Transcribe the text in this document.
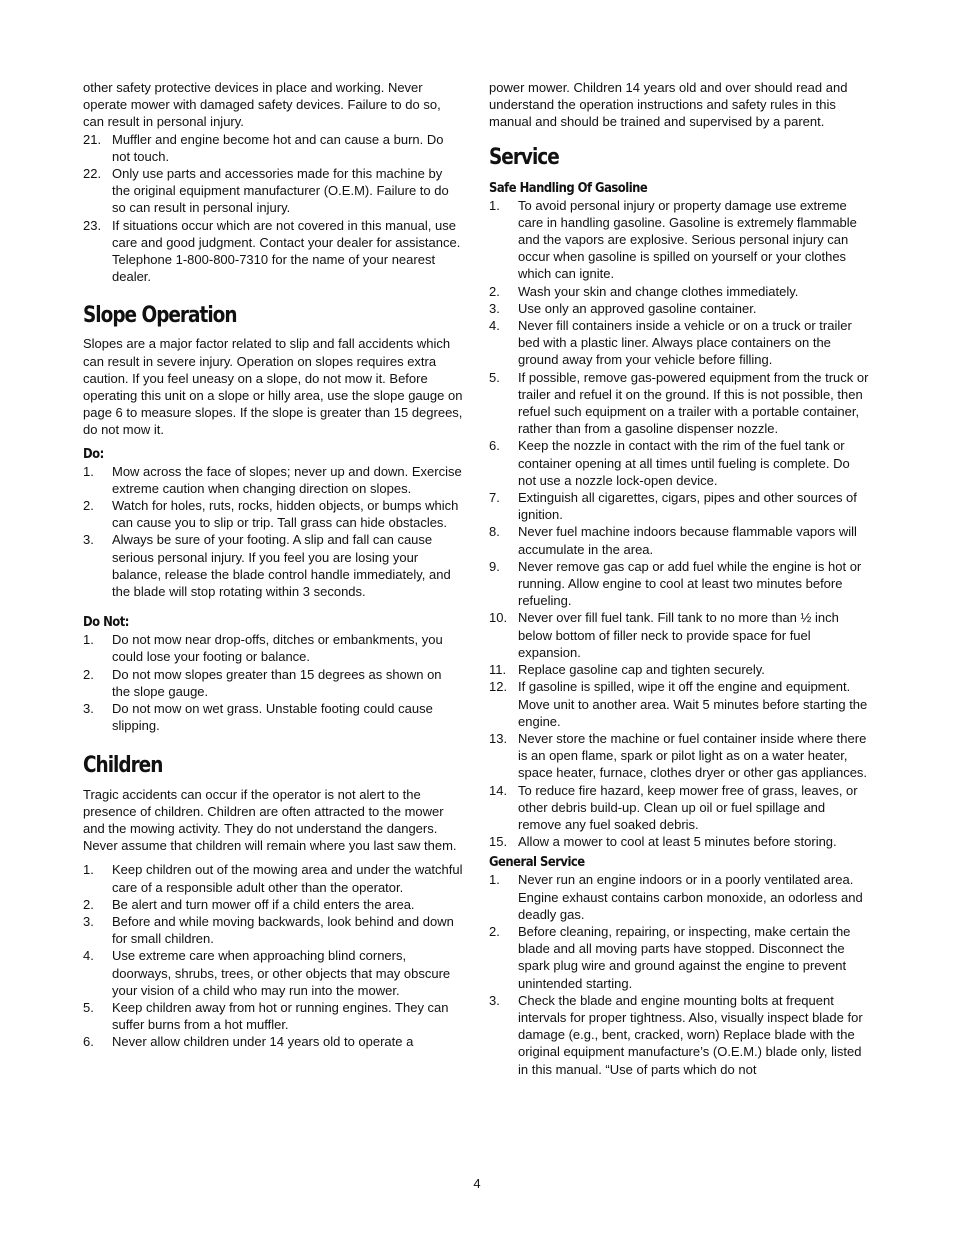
other safety protective devices in place and working. Never operate mower with damaged safety devices. Failure to do so, can result in personal injury.

21. Muffler and engine become hot and can cause a burn. Do not touch.
22. Only use parts and accessories made for this machine by the original equipment manufacturer (O.E.M). Failure to do so can result in personal injury.
23. If situations occur which are not covered in this manual, use care and good judgment. Contact your dealer for assistance. Telephone 1-800-800-7310 for the name of your nearest dealer.
Slope Operation

Slopes are a major factor related to slip and fall accidents which can result in severe injury. Operation on slopes requires extra caution. If you feel uneasy on a slope, do not mow it. Before operating this unit on a slope or hilly area, use the slope gauge on page 6 to measure slopes. If the slope is greater than 15 degrees, do not mow it.

Do:
1.	Mow across the face of slopes; never up and down. Exercise extreme caution when changing direction on slopes.
2.	Watch for holes, ruts, rocks, hidden objects, or bumps which can cause you to slip or trip. Tall grass can hide obstacles.
3.	Always be sure of your footing. A slip and fall can cause serious personal injury. If you feel you are losing your balance, release the blade control handle immediately, and the blade will stop rotating within 3 seconds.
Do Not:
1.	Do not mow near drop-offs, ditches or embankments, you could lose your footing or balance.
2.	Do not mow slopes greater than 15 degrees as shown on the slope gauge.
3.	Do not mow on wet grass. Unstable footing could cause slipping.
Children

Tragic accidents can occur if the operator is not alert to the presence of children. Children are often attracted to the mower and the mowing activity. They do not understand the dangers. Never assume that children will remain where you last saw them.

1.	Keep children out of the mowing area and under the watchful care of a responsible adult other than the operator.
2.	Be alert and turn mower off if a child enters the area.
3.	Before and while moving backwards, look behind and down for small children.
4.	Use extreme care when approaching blind corners, doorways, shrubs, trees, or other objects that may obscure your vision of a child who may run into the mower.
5.	Keep children away from hot or running engines. They can suffer burns from a hot muffler.
6.	Never allow children under 14 years old to operate a

power mower. Children 14 years old and over should read and understand the operation instructions and safety rules in this manual and should be trained and supervised by a parent.

Service
Safe Handling Of Gasoline
1.	To avoid personal injury or property damage use extreme care in handling gasoline. Gasoline is extremely flammable and the vapors are explosive. Serious personal injury can occur when gasoline is spilled on yourself or your clothes which can ignite.
2.	Wash your skin and change clothes immediately.
3.	Use only an approved gasoline container.
4.	Never fill containers inside a vehicle or on a truck or trailer bed with a plastic liner. Always place containers on the ground away from your vehicle before filling.
5.	If possible, remove gas-powered equipment from the truck or trailer and refuel it on the ground. If this is not possible, then refuel such equipment on a trailer with a portable container, rather than from a gasoline dispenser nozzle.
6.	Keep the nozzle in contact with the rim of the fuel tank or container opening at all times until fueling is complete. Do not use a nozzle lock-open device.
7.	Extinguish all cigarettes, cigars, pipes and other sources of ignition.
8.	Never fuel machine indoors because flammable vapors will accumulate in the area.
9.	Never remove gas cap or add fuel while the engine is hot or running. Allow engine to cool at least two minutes before refueling.
10. Never over fill fuel tank. Fill tank to no more than ½ inch below bottom of filler neck to provide space for fuel expansion.
11. Replace gasoline cap and tighten securely.
12. If gasoline is spilled, wipe it off the engine and equipment. Move unit to another area. Wait 5 minutes before starting the engine.
13. Never store the machine or fuel container inside where there is an open flame, spark or pilot light as on a water heater, space heater, furnace, clothes dryer or other gas appliances.
14. To reduce fire hazard, keep mower free of grass, leaves, or other debris build-up. Clean up oil or fuel spillage and remove any fuel soaked debris.
15. Allow a mower to cool at least 5 minutes before storing.
General Service
1.	Never run an engine indoors or in a poorly ventilated area. Engine exhaust contains carbon monoxide, an odorless and deadly gas.
2.	Before cleaning, repairing, or inspecting, make certain the blade and all moving parts have stopped. Disconnect the spark plug wire and ground against the engine to prevent unintended starting.
3.	Check the blade and engine mounting bolts at frequent intervals for proper tightness. Also, visually inspect blade for damage (e.g., bent, cracked, worn) Replace blade with the original equipment manufacture’s (O.E.M.) blade only, listed in this manual. “Use of parts which do not
4
